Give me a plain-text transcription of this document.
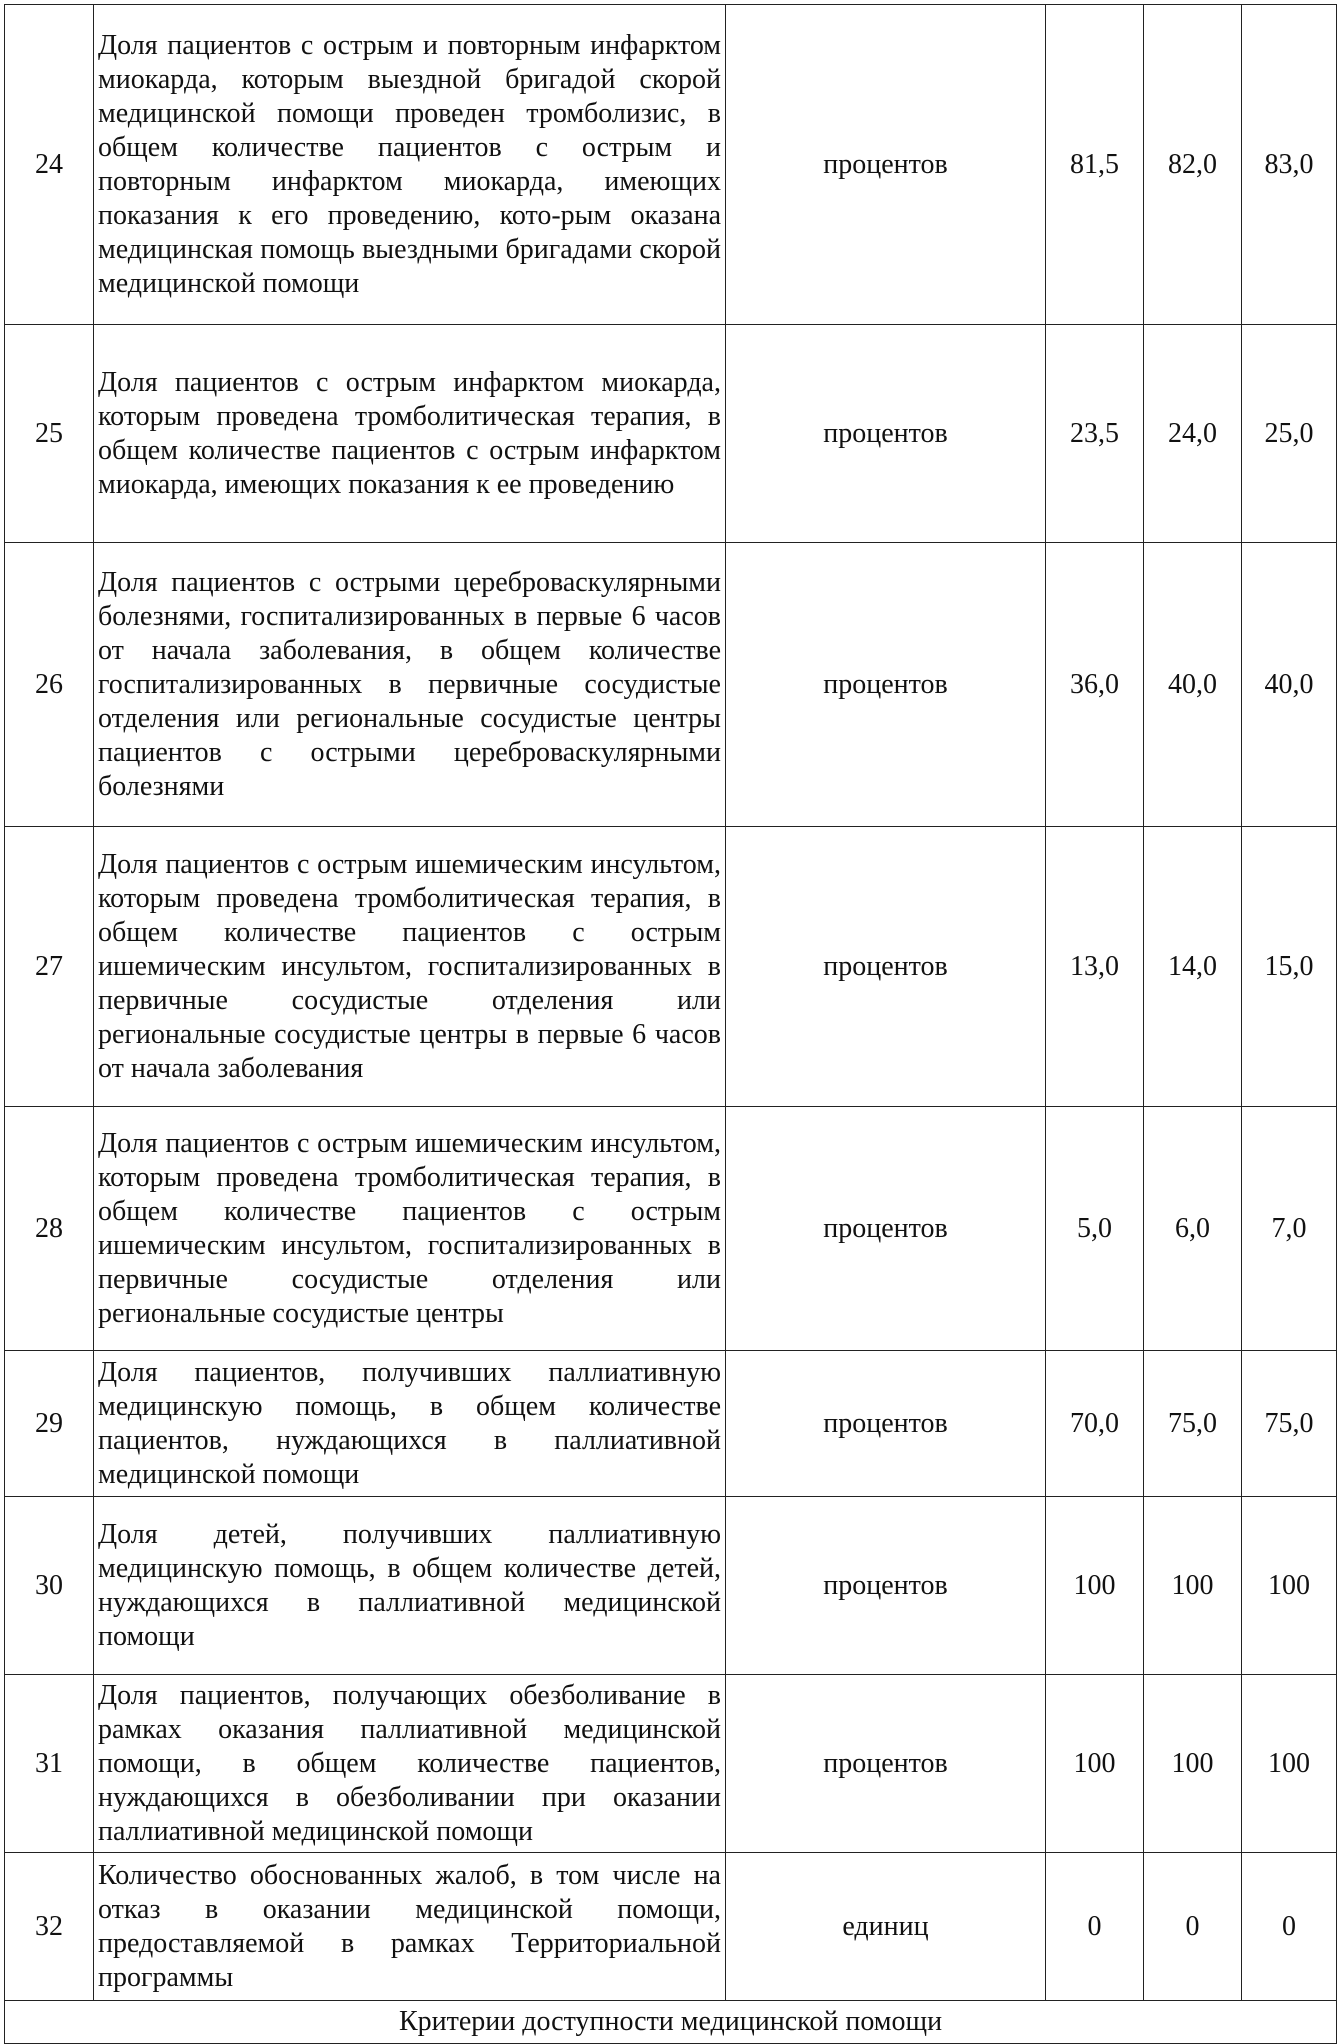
24	Доля пациентов с острым и повторным инфарктом миокарда, которым выездной бригадой скорой медицинской помощи проведен тромболизис, в общем количестве пациентов с острым и повторным инфарктом миокарда, имеющих показания к его проведению, кото-рым оказана медицинская помощь выездными бригадами скорой медицинской помощи	процентов	81,5	82,0	83,0
25	Доля пациентов с острым инфарктом миокарда, которым проведена тромболитическая терапия, в общем количестве пациентов с острым инфарктом миокарда, имеющих показания к ее проведению	процентов	23,5	24,0	25,0
26	Доля пациентов с острыми цереброваскулярными болезнями, госпитализированных в первые 6 часов от начала заболевания, в общем количестве госпитализированных в первичные сосудистые отделения или региональные сосудистые центры пациентов с острыми цереброваскулярными болезнями	процентов	36,0	40,0	40,0
27	Доля пациентов с острым ишемическим инсультом, которым проведена тромболитическая терапия, в общем количестве пациентов с острым ишемическим инсультом, госпитализированных в первичные сосудистые отделения или региональные сосудистые центры в первые 6 часов от начала заболевания	процентов	13,0	14,0	15,0
28	Доля пациентов с острым ишемическим инсультом, которым проведена тромболитическая терапия, в общем количестве пациентов с острым ишемическим инсультом, госпитализированных в первичные сосудистые отделения или региональные сосудистые центры	процентов	5,0	6,0	7,0
29	Доля пациентов, получивших паллиативную медицинскую помощь, в общем количестве пациентов, нуждающихся в паллиативной медицинской помощи	процентов	70,0	75,0	75,0
30	Доля детей, получивших паллиативную медицинскую помощь, в общем количестве детей, нуждающихся в паллиативной медицинской помощи	процентов	100	100	100
31	Доля пациентов, получающих обезболивание в рамках оказания паллиативной медицинской помощи, в общем количестве пациентов, нуждающихся в обезболивании при оказании паллиативной медицинской помощи	процентов	100	100	100
32	Количество обоснованных жалоб, в том числе на отказ в оказании медицинской помощи, предоставляемой в рамках Территориальной программы	единиц	0	0	0
Критерии доступности медицинской помощи					
